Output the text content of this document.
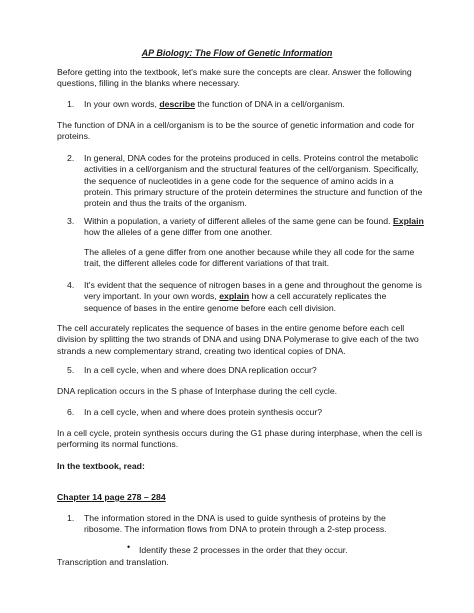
AP Biology: The Flow of Genetic Information

Before getting into the textbook, let's make sure the concepts are clear. Answer the following questions, filling in the blanks where necessary.

1. In your own words, describe the function of DNA in a cell/organism.

The function of DNA in a cell/organism is to be the source of genetic information and code for proteins.

2. In general, DNA codes for the proteins produced in cells. Proteins control the metabolic activities in a cell/organism and the structural features of the cell/organism. Specifically, the sequence of nucleotides in a gene code for the sequence of amino acids in a protein. This primary structure of the protein determines the structure and function of the protein and thus the traits of the organism.

3. Within a population, a variety of different alleles of the same gene can be found. Explain how the alleles of a gene differ from one another.

The alleles of a gene differ from one another because while they all code for the same trait, the different alleles code for different variations of that trait.

4. It's evident that the sequence of nitrogen bases in a gene and throughout the genome is very important. In your own words, explain how a cell accurately replicates the sequence of bases in the entire genome before each cell division.

The cell accurately replicates the sequence of bases in the entire genome before each cell division by splitting the two strands of DNA and using DNA Polymerase to give each of the two strands a new complementary strand, creating two identical copies of DNA.

5. In a cell cycle, when and where does DNA replication occur?

DNA replication occurs in the S phase of Interphase during the cell cycle.

6. In a cell cycle, when and where does protein synthesis occur?

In a cell cycle, protein synthesis occurs during the G1 phase during interphase, when the cell is performing its normal functions.

In the textbook, read:

Chapter 14 page 278 – 284

1. The information stored in the DNA is used to guide synthesis of proteins by the ribosome. The information flows from DNA to protein through a 2-step process.

• Identify these 2 processes in the order that they occur.

Transcription and translation.
